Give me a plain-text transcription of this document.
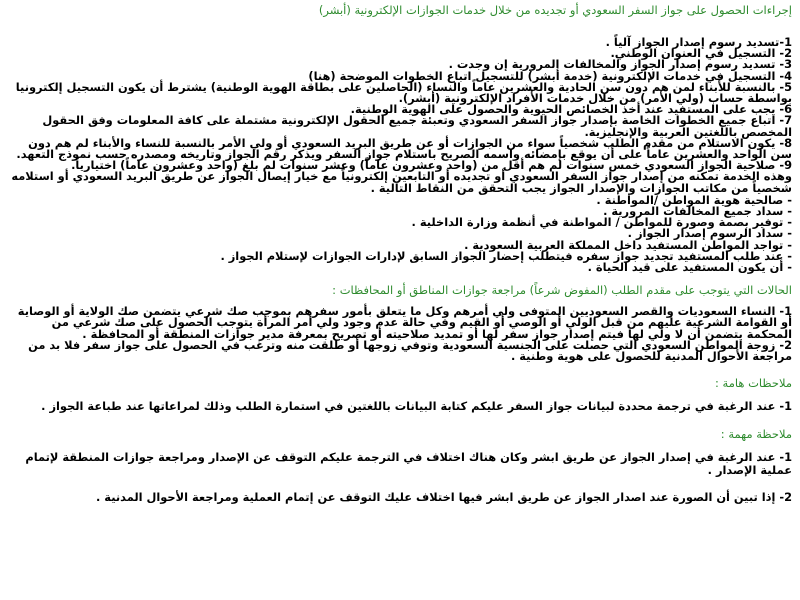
إجراءات الحصول على جواز السفر السعودي أو تجديده من خلال خدمات الجوازات الإلكترونية (أبشر)

1-تسديد رسوم إصدار الجواز آلياً .
2- التسجيل في العنوان الوطني.
3- تسديد رسوم إصدار الجواز والمخالفات المرورية إن وجدت .
4- التسجيل في خدمات الإلكترونية (خدمة أبشر) للتسجيل اتباع الخطوات الموضحة (هنا)
5- بالنسبة للأبناء لمن هم دون سن الحادية والعشرين عاماً والنساء (الحاصلين على بطاقة الهوية الوطنية) يشترط أن يكون التسجيل إلكترونيا بواسطة حساب (ولي الأمر) من خلال خدمات الأفراد الإلكترونية (أبشر).
6- يجب على المستفيد عند أخذ الخصائص الحيوية والحصول على الهوية الوطنية.
7- اتباع جميع الخطوات الخاصة بإصدار جواز السفر السعودي وتعبئة جميع الحقول الإلكترونية مشتملة على كافة المعلومات وفق الحقول المخصص باللغتين العربية والإنجليزية.
8- يكون الاستلام من مقدم الطلب شخصياً سواء من الجوازات أو عن طريق البريد السعودي أو ولي الأمر بالنسبة للنساء والأبناء لم هم دون سن الواحد والعشرين عاماً على أن يوقع بإمضائه واسمه الصريح باستلام جواز السفر ويذكر رقم الجواز وتاريخه ومصدره حسب نموذج التعهد.
9- صلاحية الجواز السعودي خمس سنوات لم هم أقل من (واحد وعشرون عاماً) وعشر سنوات لم بلغ (واحد وعشرون عاماً) اختيارياً.
وهذه الخدمة تمكنه من إصدار جواز السفر السعودي أو تجديده أو التابعين إلكترونياً مع خيار إيصال الجواز عن طريق البريد السعودي أو استلامه شخصياً من مكاتب الجوازات والإصدار الجواز يجب التحقق من النقاط التالية .
- صالحية هوية المواطن /المواطنة .
- سداد جميع المخالفات المرورية .
- توفير بصمة وصورة للمواطن / المواطنة في أنظمة وزارة الداخلية .
- سداد الرسوم إصدار الجواز .
- تواجد المواطن المستفيد داخل المملكة العربية السعودية .
- عند طلب المستفيد تجديد جواز سفره فيتطلب إحضار الجواز السابق لإدارات الجوازات لإستلام الجواز .
- أن يكون المستفيد على قيد الحياة .

الحالات التي يتوجب على مقدم الطلب (المفوض شرعاً) مراجعة جوازات المناطق أو المحافظات :

1- النساء السعوديات والقصر السعوديين المتوفى ولي أمرهم وكل ما يتعلق بأمور سفرهم بموجب صك شرعي يتضمن صك الولاية أو الوصاية أو القوامة الشرعية عليهم من قبل الولي أو الوصي أو القيم وفي حالة عدم وجود ولي أمر المرأة يتوجب الحصول على صك شرعي من المحكمة يتضمن أن لا ولي لها فيتم إصدار جواز سفر لها أو تمديد صلاحيته أو تصريح بمعرفة مدير جوازات المنطقة أو المحافظة .
2- زوجة المواطن السعودي التي حصلت على الجنسية السعودية وتوفي زوجها أو طلقت منه وترغب في الحصول على جواز سفر فلا بد من مراجعة الأحوال المدنية للحصول على هوية وطنية .

ملاحظات هامة :

1- عند الرغبة في ترجمة محددة لبيانات جواز السفر عليكم كتابة البيانات باللغتين في استمارة الطلب وذلك لمراعاتها عند طباعة الجواز .

ملاحظة مهمة :

1- عند الرغبة في إصدار الجواز عن طريق ابشر وكان هناك اختلاف في الترجمة عليكم التوقف عن الإصدار ومراجعة جوازات المنطقة لإتمام عملية الإصدار .
2- إذا تبين أن الصورة عند اصدار الجواز عن طريق ابشر فيها اختلاف عليك التوقف عن إتمام العملية ومراجعة الأحوال المدنية .
